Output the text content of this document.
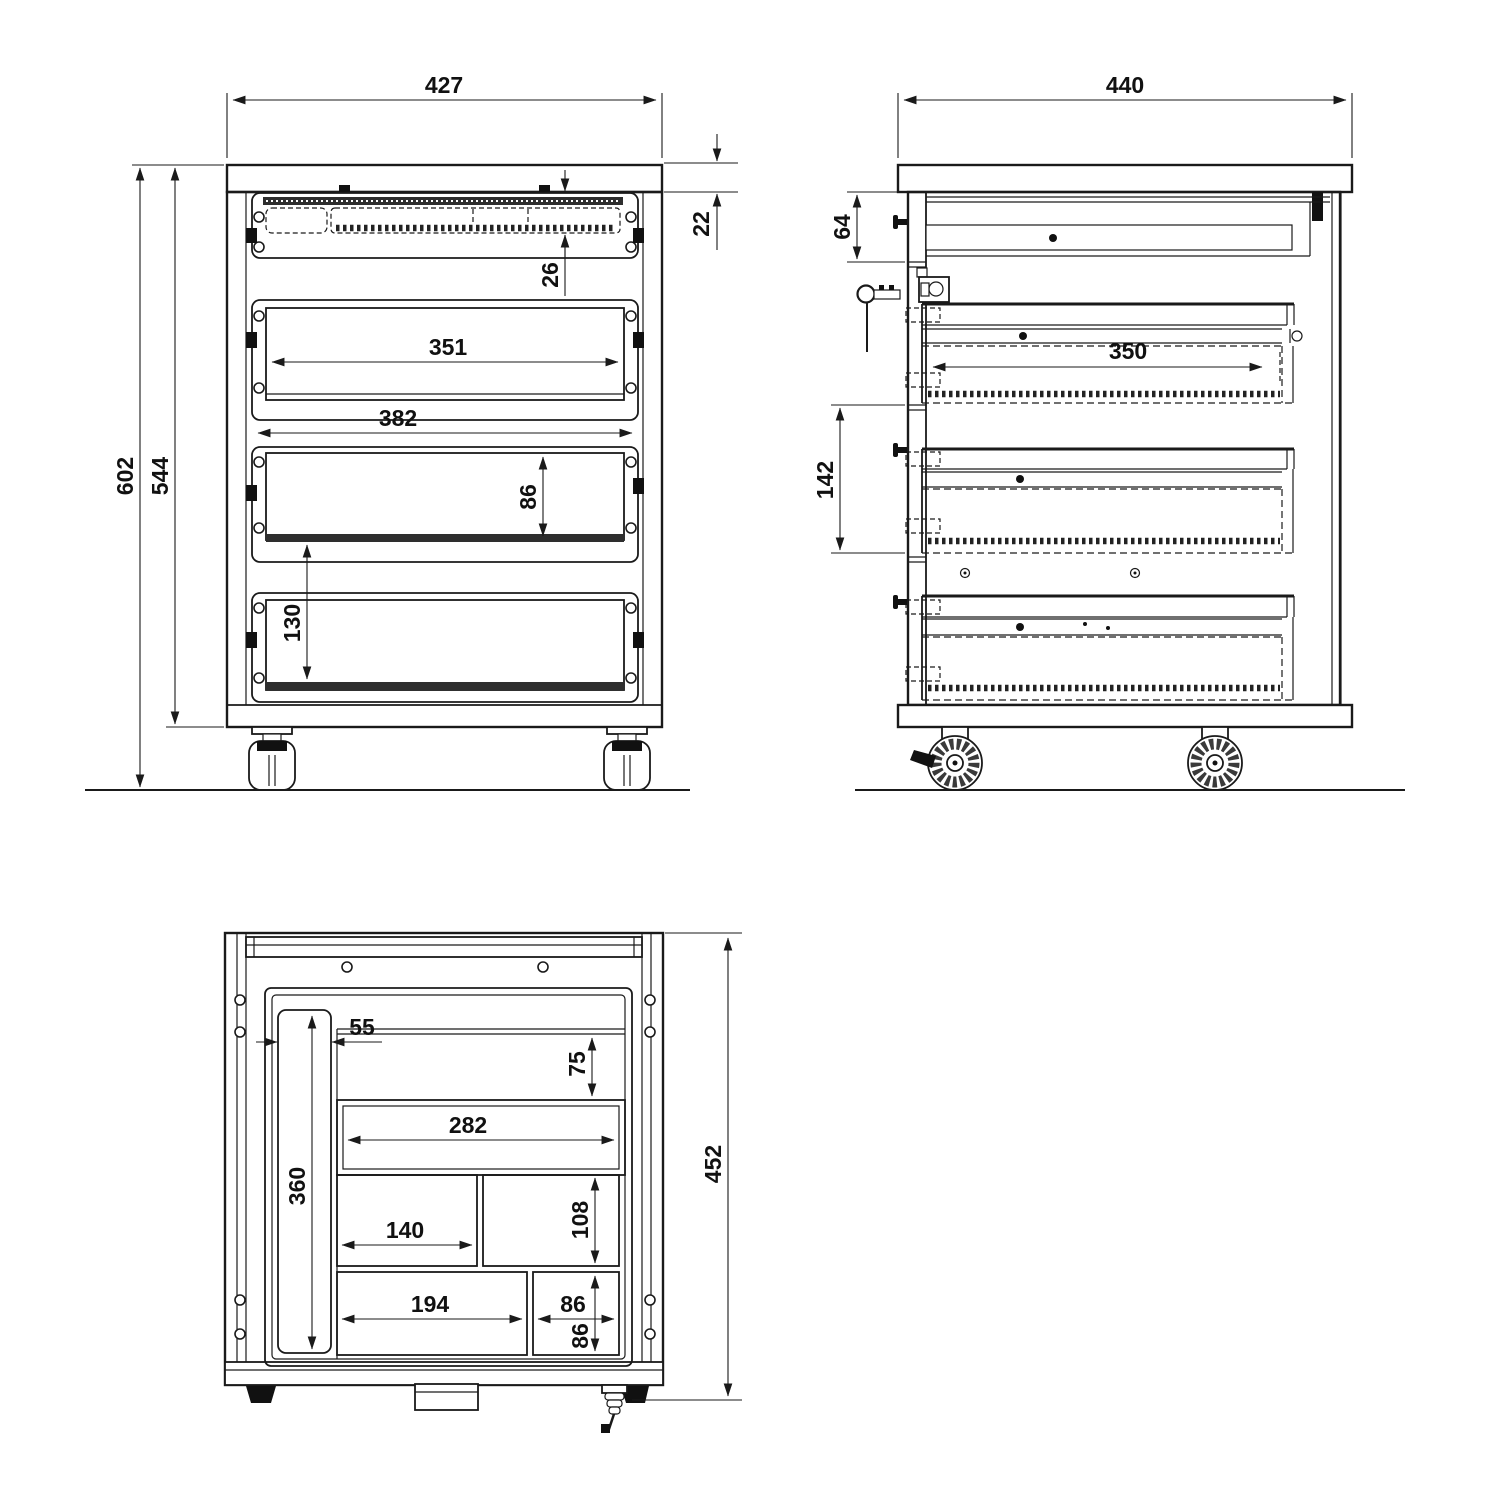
427
22
602 544
26
351
382
86
130
350
440
64
142
55
360
75
282
140	108
194	86
86
452
